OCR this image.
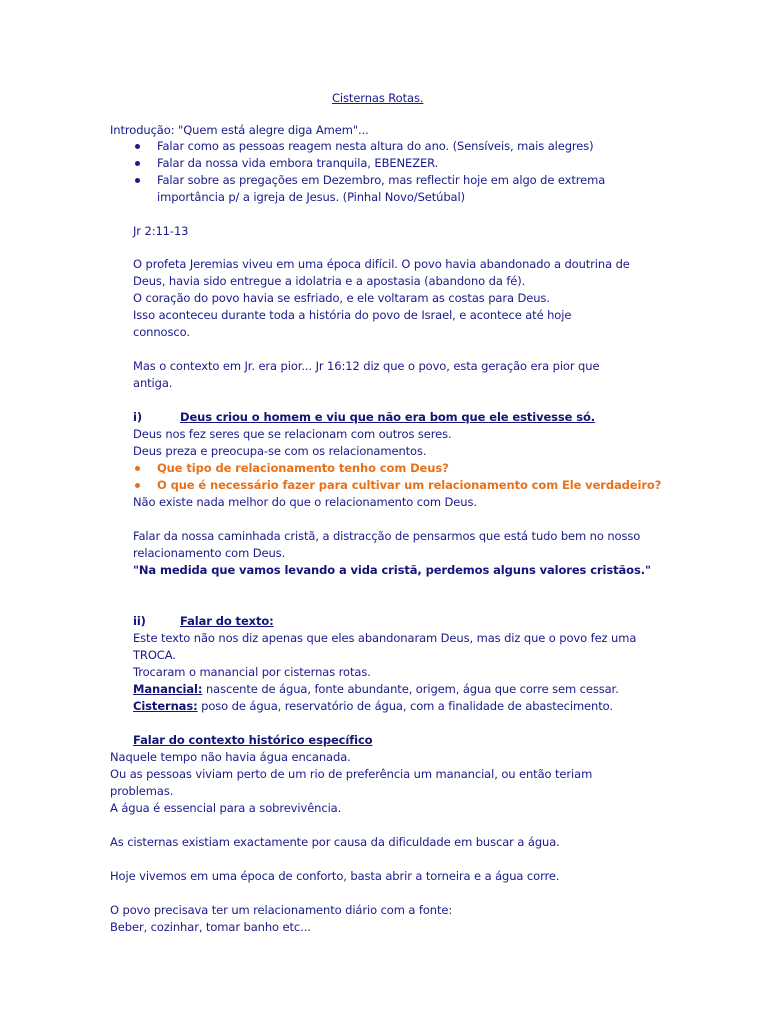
Cisternas Rotas.
Introdução: "Quem está alegre diga Amem"...
Falar como as pessoas reagem nesta altura do ano. (Sensíveis, mais alegres)
Falar da nossa vida embora tranquila, EBENEZER.
Falar sobre as pregações em Dezembro, mas reflectir hoje em algo de extrema
importância p/ a igreja de Jesus. (Pinhal Novo/Setúbal)
Jr 2:11-13
O profeta Jeremias viveu em uma época difícil. O povo havia abandonado a doutrina de
Deus, havia sido entregue a idolatria e a apostasia (abandono da fé).
O coração do povo havia se esfriado, e ele voltaram as costas para Deus.
Isso aconteceu durante toda a história do povo de Israel, e acontece até hoje
connosco.
Mas o contexto em Jr. era pior... Jr 16:12 diz que o povo, esta geração era pior que
antiga.
i)	Deus criou o homem e viu que não era bom que ele estivesse só.
Deus nos fez seres que se relacionam com outros seres.
Deus preza e preocupa-se com os relacionamentos.
Que tipo de relacionamento tenho com Deus?
O que é necessário fazer para cultivar um relacionamento com Ele verdadeiro?
Não existe nada melhor do que o relacionamento com Deus.
Falar da nossa caminhada cristã, a distracção de pensarmos que está tudo bem no nosso
relacionamento com Deus.
"Na medida que vamos levando a vida cristã, perdemos alguns valores cristãos."
ii)	Falar do texto:
Este texto não nos diz apenas que eles abandonaram Deus, mas diz que o povo fez uma
TROCA.
Trocaram o manancial por cisternas rotas.
Manancial: nascente de água, fonte abundante, origem, água que corre sem cessar.
Cisternas: poso de água, reservatório de água, com a finalidade de abastecimento.
Falar do contexto histórico específico
Naquele tempo não havia água encanada.
Ou as pessoas viviam perto de um rio de preferência um manancial, ou então teriam
problemas.
A água é essencial para a sobrevivência.
As cisternas existiam exactamente por causa da dificuldade em buscar a água.
Hoje vivemos em uma época de conforto, basta abrir a torneira e a água corre.
O povo precisava ter um relacionamento diário com a fonte:
Beber, cozinhar, tomar banho etc...
